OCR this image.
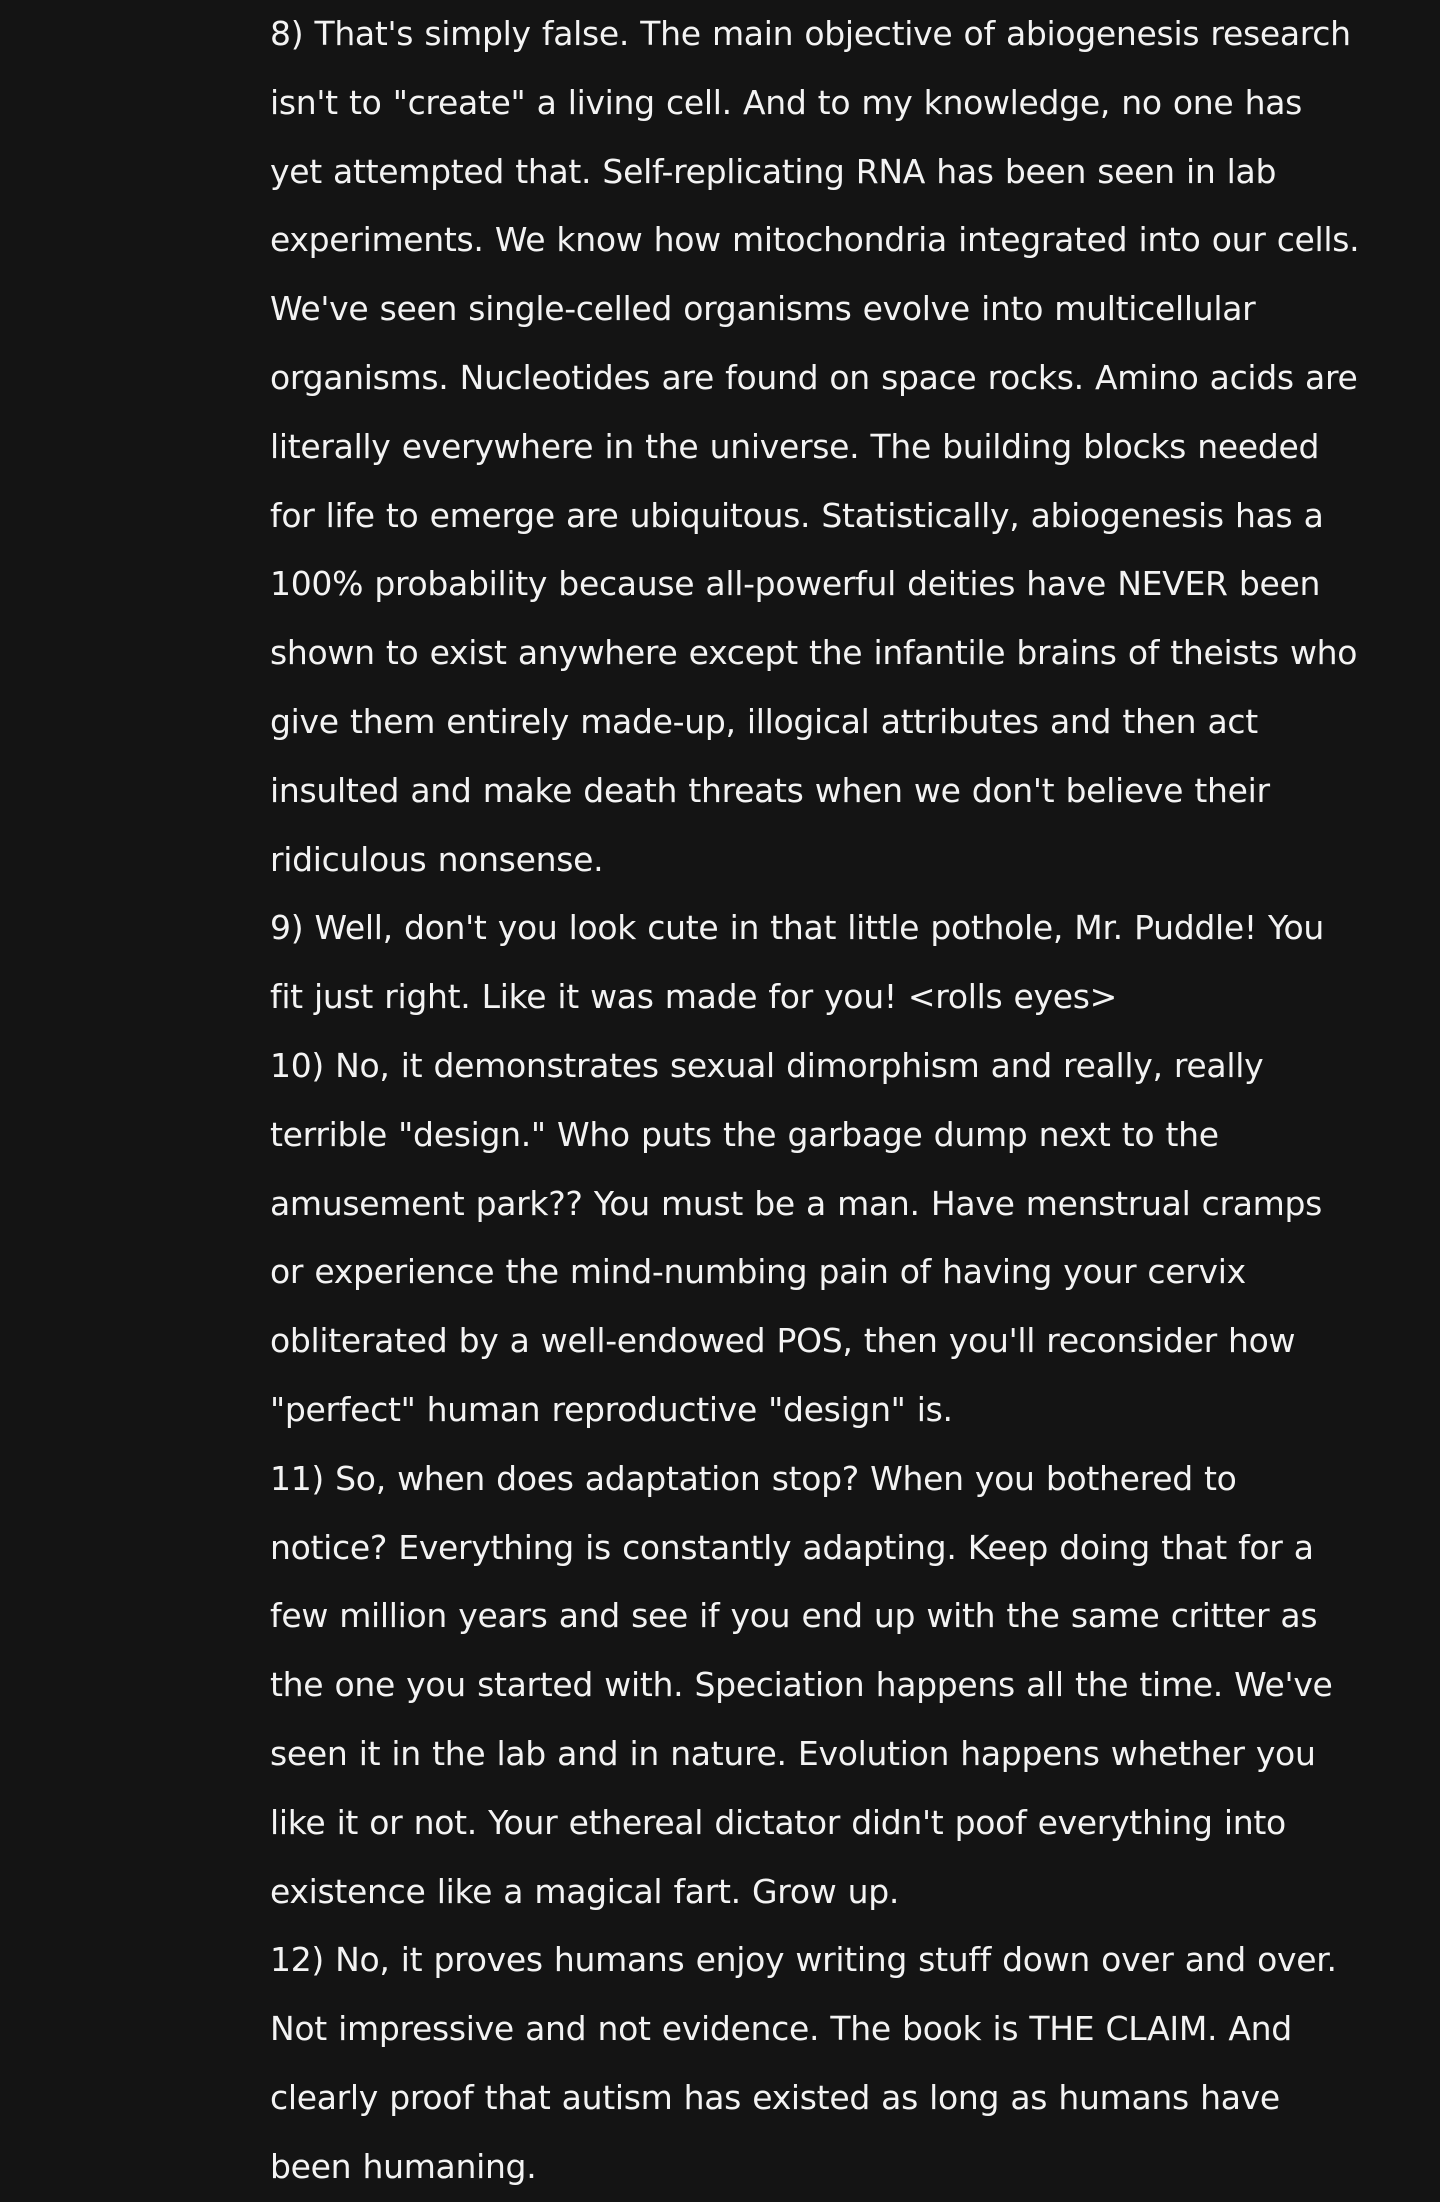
8) That's simply false. The main objective of abiogenesis research isn't to "create" a living cell. And to my knowledge, no one has yet attempted that. Self-replicating RNA has been seen in lab experiments. We know how mitochondria integrated into our cells. We've seen single-celled organisms evolve into multicellular organisms. Nucleotides are found on space rocks. Amino acids are literally everywhere in the universe. The building blocks needed for life to emerge are ubiquitous. Statistically, abiogenesis has a 100% probability because all-powerful deities have NEVER been shown to exist anywhere except the infantile brains of theists who give them entirely made-up, illogical attributes and then act insulted and make death threats when we don't believe their ridiculous nonsense.

9) Well, don't you look cute in that little pothole, Mr. Puddle! You fit just right. Like it was made for you! <rolls eyes>

10) No, it demonstrates sexual dimorphism and really, really terrible "design." Who puts the garbage dump next to the amusement park?? You must be a man. Have menstrual cramps or experience the mind-numbing pain of having your cervix obliterated by a well-endowed POS, then you'll reconsider how "perfect" human reproductive "design" is.

11) So, when does adaptation stop? When you bothered to notice? Everything is constantly adapting. Keep doing that for a few million years and see if you end up with the same critter as the one you started with. Speciation happens all the time. We've seen it in the lab and in nature. Evolution happens whether you like it or not. Your ethereal dictator didn't poof everything into existence like a magical fart. Grow up.

12) No, it proves humans enjoy writing stuff down over and over. Not impressive and not evidence. The book is THE CLAIM. And clearly proof that autism has existed as long as humans have been humaning.
